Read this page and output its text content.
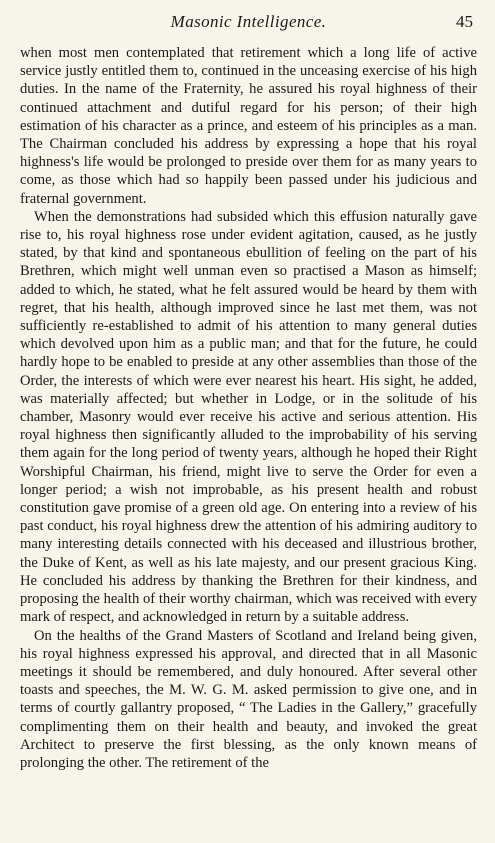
Masonic Intelligence.	45

when most men contemplated that retirement which a long life of active service justly entitled them to, continued in the unceasing exercise of his high duties. In the name of the Fraternity, he assured his royal highness of their continued attachment and dutiful regard for his person; of their high estimation of his character as a prince, and esteem of his principles as a man. The Chairman concluded his address by expressing a hope that his royal highness's life would be prolonged to preside over them for as many years to come, as those which had so happily been passed under his judicious and fraternal government.

When the demonstrations had subsided which this effusion naturally gave rise to, his royal highness rose under evident agitation, caused, as he justly stated, by that kind and spontaneous ebullition of feeling on the part of his Brethren, which might well unman even so practised a Mason as himself; added to which, he stated, what he felt assured would be heard by them with regret, that his health, although improved since he last met them, was not sufficiently re-established to admit of his attention to many general duties which devolved upon him as a public man; and that for the future, he could hardly hope to be enabled to preside at any other assemblies than those of the Order, the interests of which were ever nearest his heart. His sight, he added, was materially affected; but whether in Lodge, or in the solitude of his chamber, Masonry would ever receive his active and serious attention. His royal highness then significantly alluded to the improbability of his serving them again for the long period of twenty years, although he hoped their Right Worshipful Chairman, his friend, might live to serve the Order for even a longer period; a wish not improbable, as his present health and robust constitution gave promise of a green old age. On entering into a review of his past conduct, his royal highness drew the attention of his admiring auditory to many interesting details connected with his deceased and illustrious brother, the Duke of Kent, as well as his late majesty, and our present gracious King. He concluded his address by thanking the Brethren for their kindness, and proposing the health of their worthy chairman, which was received with every mark of respect, and acknowledged in return by a suitable address.

On the healths of the Grand Masters of Scotland and Ireland being given, his royal highness expressed his approval, and directed that in all Masonic meetings it should be remembered, and duly honoured. After several other toasts and speeches, the M. W. G. M. asked permission to give one, and in terms of courtly gallantry proposed, “ The Ladies in the Gallery,” gracefully complimenting them on their health and beauty, and invoked the great Architect to preserve the first blessing, as the only known means of prolonging the other. The retirement of the
